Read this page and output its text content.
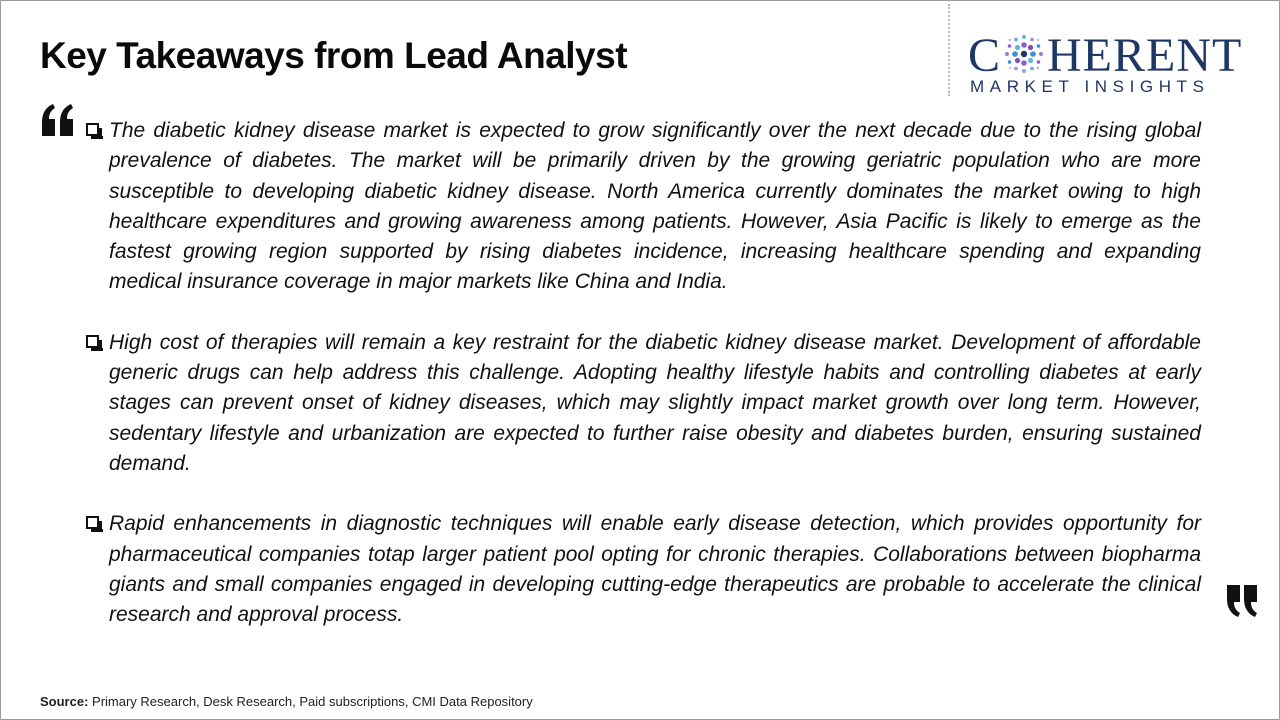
Key Takeaways from Lead Analyst	C HERENT
MARKET INSIGHTS
The diabetic kidney disease market is expected to grow significantly over the next decade due to the rising global prevalence of diabetes. The market will be primarily driven by the growing geriatric population who are more susceptible to developing diabetic kidney disease. North America currently dominates the market owing to high healthcare expenditures and growing awareness among patients. However, Asia Pacific is likely to emerge as the fastest growing region supported by rising diabetes incidence, increasing healthcare spending and expanding medical insurance coverage in major markets like China and India.
High cost of therapies will remain a key restraint for the diabetic kidney disease market. Development of affordable generic drugs can help address this challenge. Adopting healthy lifestyle habits and controlling diabetes at early stages can prevent onset of kidney diseases, which may slightly impact market growth over long term. However, sedentary lifestyle and urbanization are expected to further raise obesity and diabetes burden, ensuring sustained demand.
Rapid enhancements in diagnostic techniques will enable early disease detection, which provides opportunity for pharmaceutical companies totap larger patient pool opting for chronic therapies. Collaborations between biopharma giants and small companies engaged in developing cutting-edge therapeutics are probable to accelerate the clinical research and approval process.
Source: Primary Research, Desk Research, Paid subscriptions, CMI Data Repository
